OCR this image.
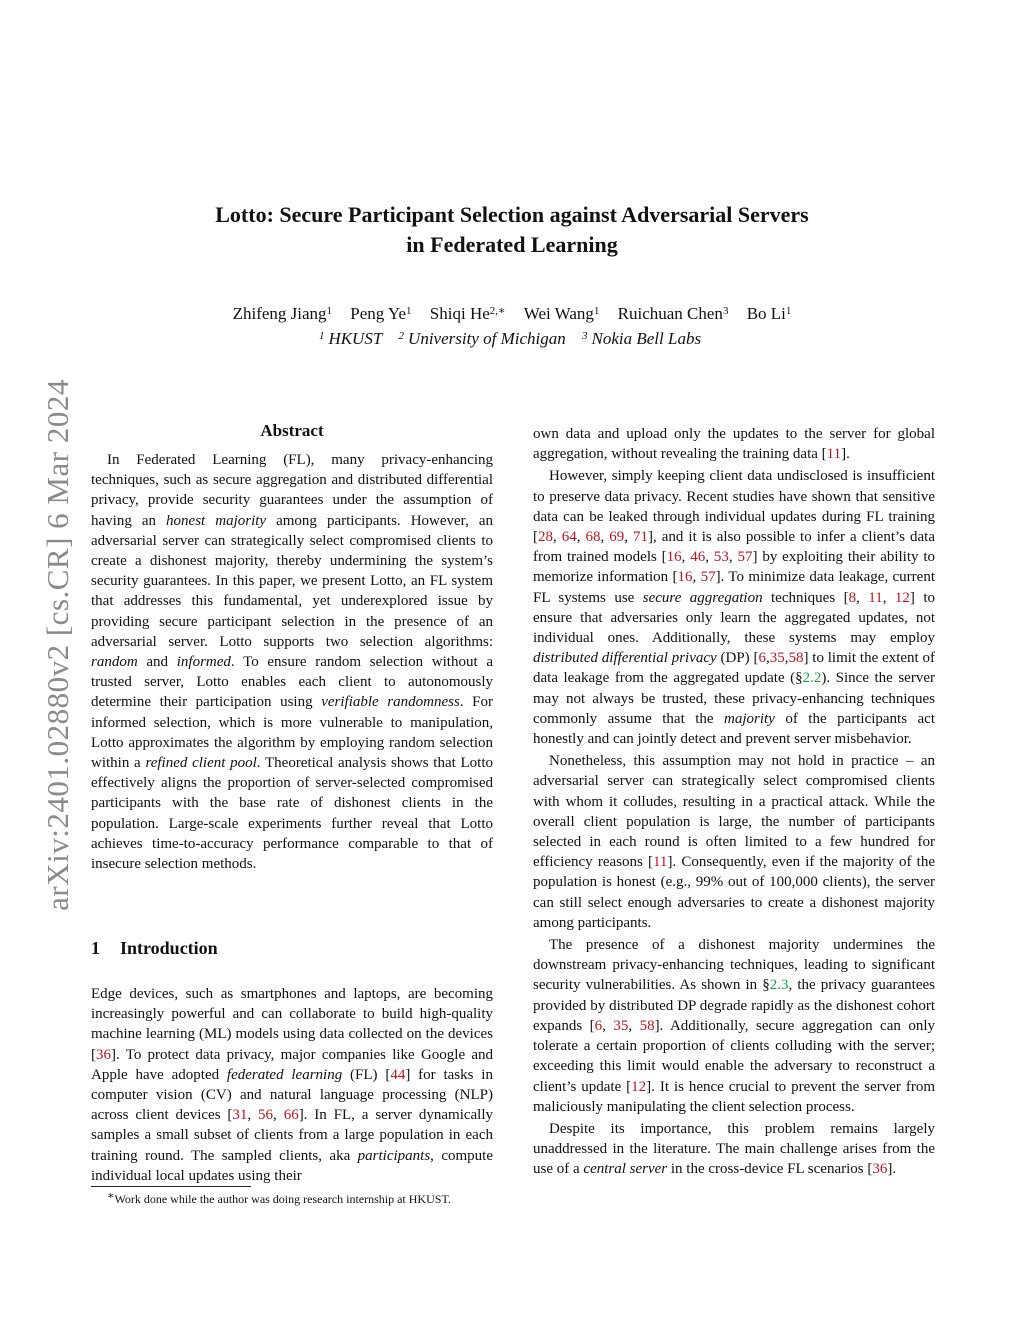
arXiv:2401.02880v2 [cs.CR] 6 Mar 2024
Lotto: Secure Participant Selection against Adversarial Servers
in Federated Learning
Zhifeng Jiang$^1$ Peng Ye$^1$ Shiqi $He^{2,∗}$ Wei Wang$^1$ Ruichuan Chen$^3$ Bo Li$^1$
$^1$ HKUST $^2$ University of Michigan $^3$ Nokia Bell Labs
Abstract

In Federated Learning (FL), many privacy-enhancing techniques, such as secure aggregation and distributed differential privacy, provide security guarantees under the assumption of having an honest majority among participants. However, an adversarial server can strategically select compromised clients to create a dishonest majority, thereby undermining the system’s security guarantees. In this paper, we present Lotto, an FL system that addresses this fundamental, yet underexplored issue by providing secure participant selection in the presence of an adversarial server. Lotto supports two selection algorithms: random and informed. To ensure random selection without a trusted server, Lotto enables each client to autonomously determine their participation using verifiable randomness. For informed selection, which is more vulnerable to manipulation, Lotto approximates the algorithm by employing random selection within a refined client pool. Theoretical analysis shows that Lotto effectively aligns the proportion of server-selected compromised participants with the base rate of dishonest clients in the population. Large-scale experiments further reveal that Lotto achieves time-to-accuracy performance comparable to that of insecure selection methods.

1 Introduction

Edge devices, such as smartphones and laptops, are becoming increasingly powerful and can collaborate to build high-quality machine learning (ML) models using data collected on the devices [36]. To protect data privacy, major companies like Google and Apple have adopted federated learning (FL) [44] for tasks in computer vision (CV) and natural language processing (NLP) across client devices [31, 56, 66]. In FL, a server dynamically samples a small subset of clients from a large population in each training round. The sampled clients, aka participants, compute individual local updates using their

∗Work done while the author was doing research internship at HKUST.

own data and upload only the updates to the server for global aggregation, without revealing the training data [11].

However, simply keeping client data undisclosed is insufficient to preserve data privacy. Recent studies have shown that sensitive data can be leaked through individual updates during FL training [28, 64, 68, 69, 71], and it is also possible to infer a client’s data from trained models [16, 46, 53, 57] by exploiting their ability to memorize information [16, 57]. To minimize data leakage, current FL systems use secure aggregation techniques [8, 11, 12] to ensure that adversaries only learn the aggregated updates, not individual ones. Additionally, these systems may employ distributed differential privacy (DP) [6,35,58] to limit the extent of data leakage from the aggregated update (§2.2). Since the server may not always be trusted, these privacy-enhancing techniques commonly assume that the majority of the participants act honestly and can jointly detect and prevent server misbehavior.

Nonetheless, this assumption may not hold in practice – an adversarial server can strategically select compromised clients with whom it colludes, resulting in a practical attack. While the overall client population is large, the number of participants selected in each round is often limited to a few hundred for efficiency reasons [11]. Consequently, even if the majority of the population is honest (e.g., 99% out of 100,000 clients), the server can still select enough adversaries to create a dishonest majority among participants.

The presence of a dishonest majority undermines the downstream privacy-enhancing techniques, leading to significant security vulnerabilities. As shown in §2.3, the privacy guarantees provided by distributed DP degrade rapidly as the dishonest cohort expands [6, 35, 58]. Additionally, secure aggregation can only tolerate a certain proportion of clients colluding with the server; exceeding this limit would enable the adversary to reconstruct a client’s update [12]. It is hence crucial to prevent the server from maliciously manipulating the client selection process.

Despite its importance, this problem remains largely unaddressed in the literature. The main challenge arises from the use of a central server in the cross-device FL scenarios [36].
